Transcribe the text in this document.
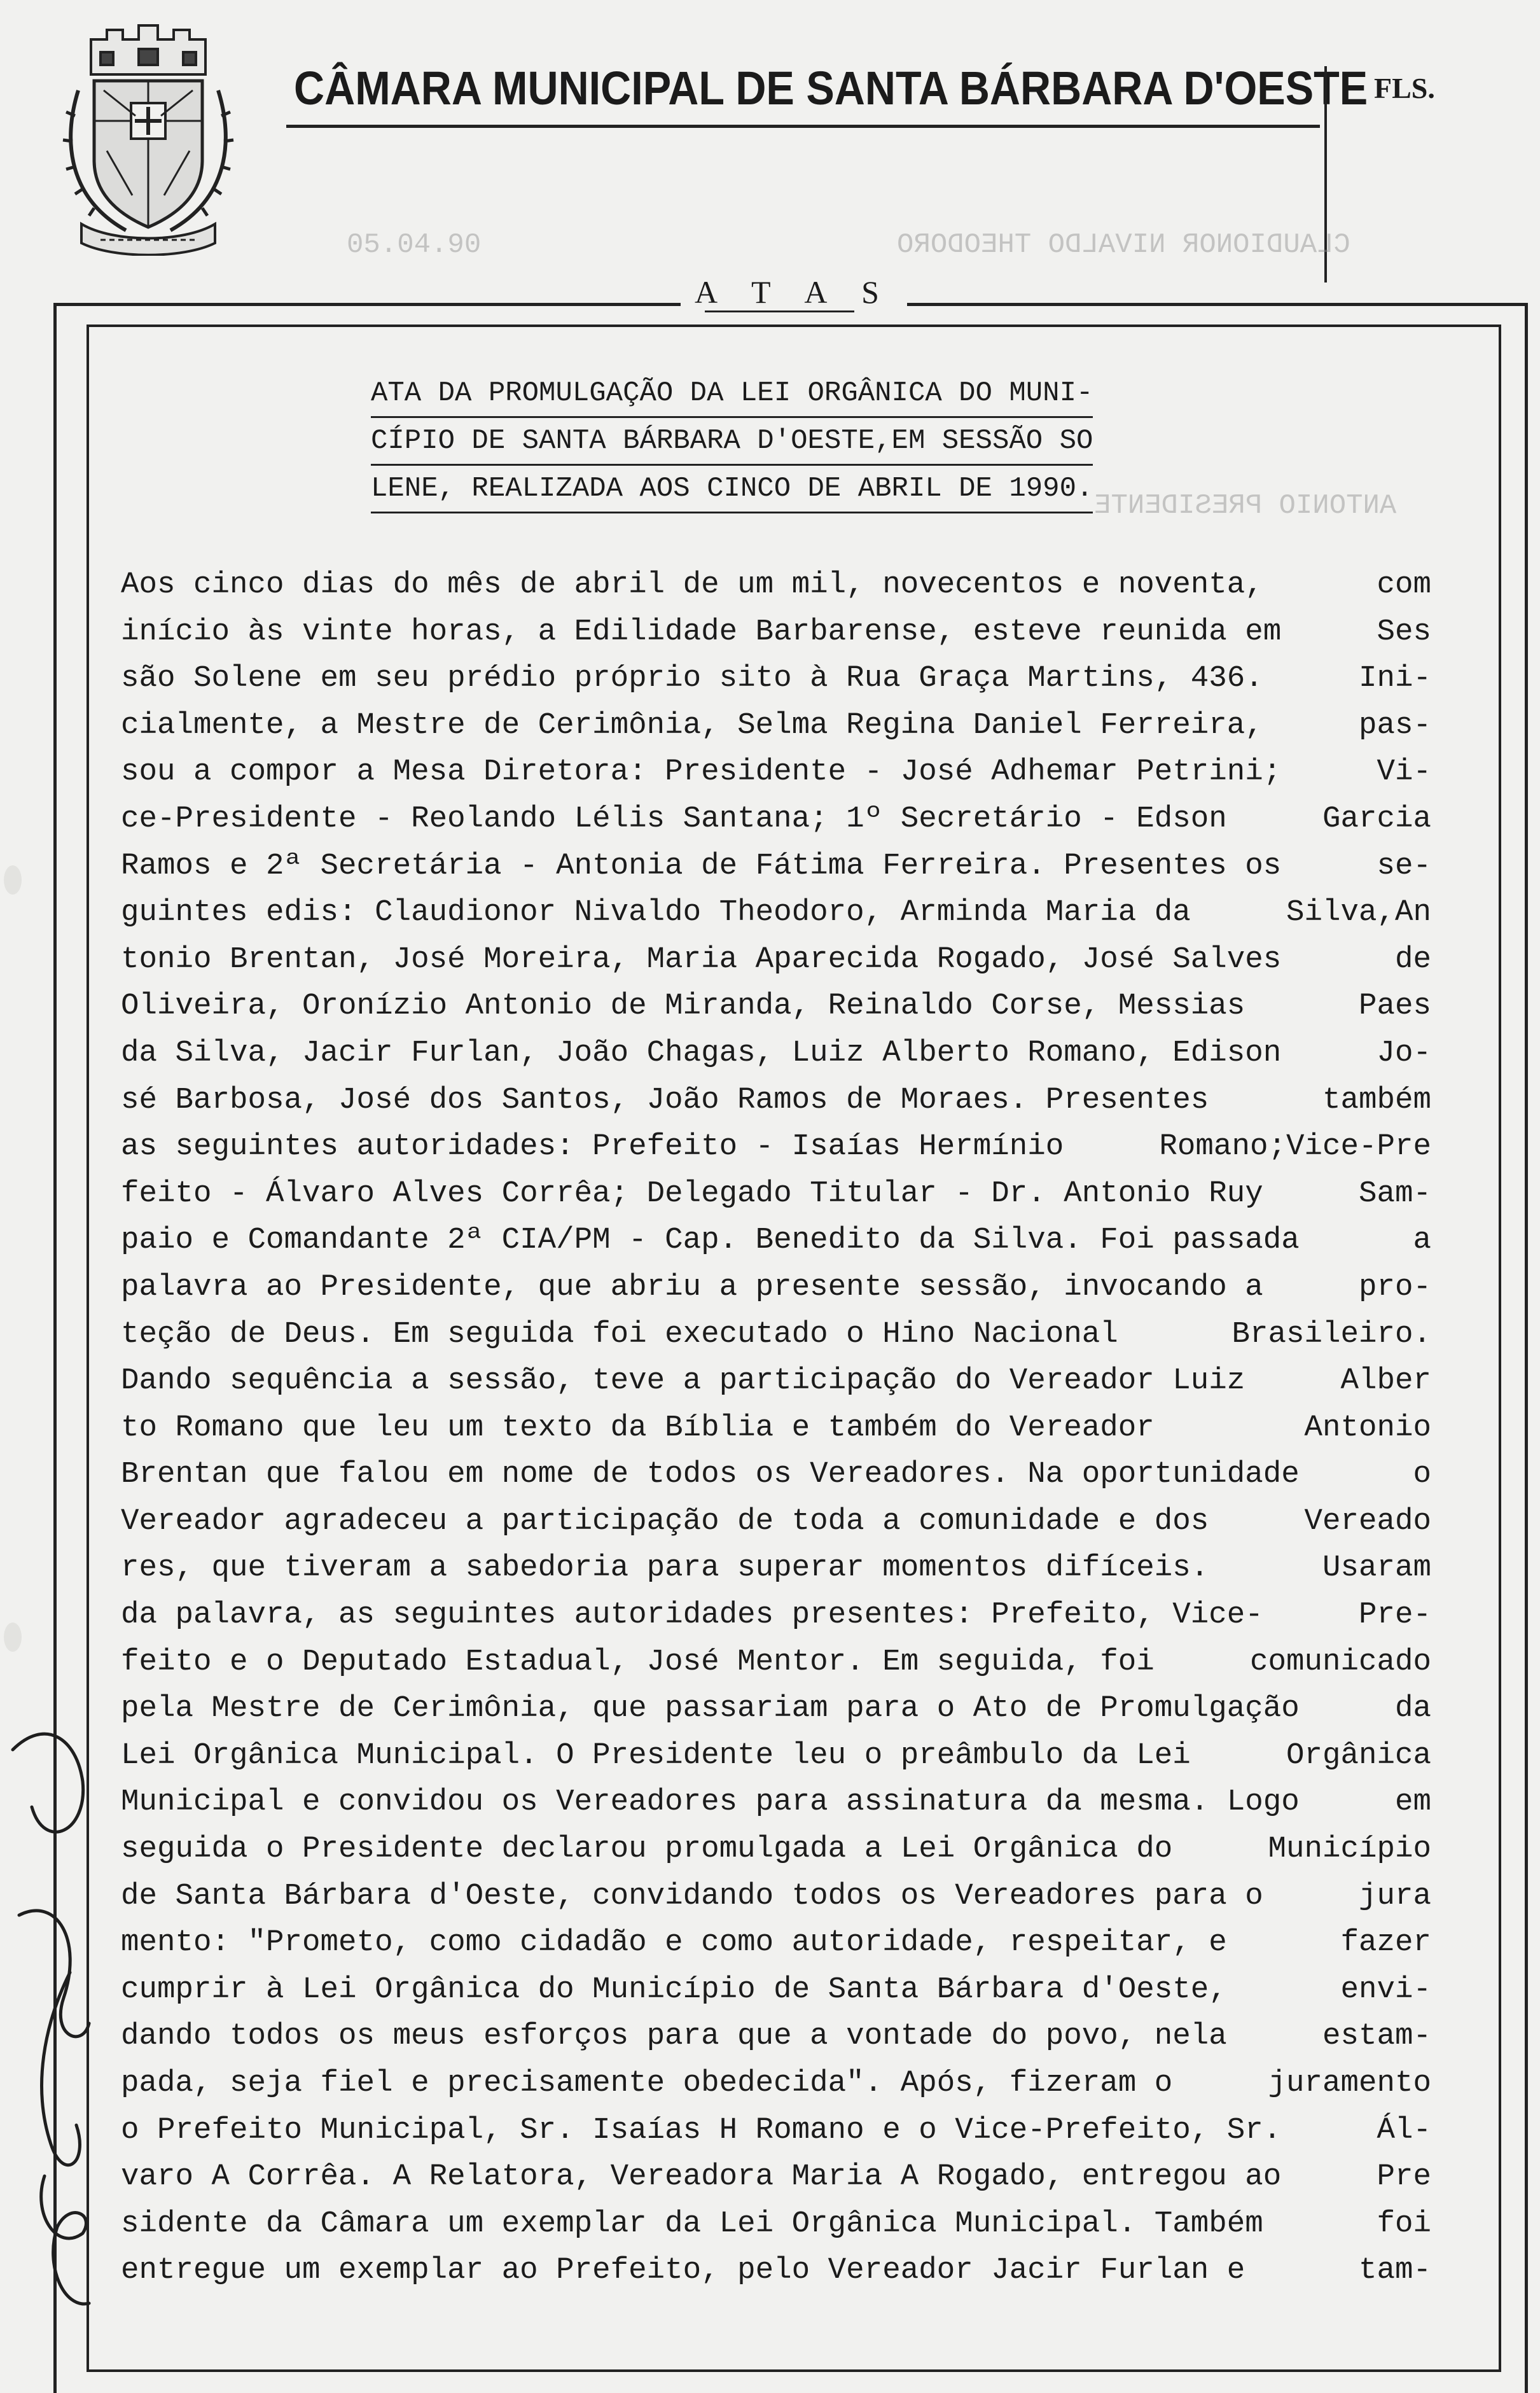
CÂMARA MUNICIPAL DE SANTA BÁRBARA D'OESTE FLS.
05.04.90	CLAUDIONOR NIVALDO THEODORO
ANTONIO PRESIDENTE
A T A S
ATA DA PROMULGAÇÃO DA LEI ORGÂNICA DO MUNI-
CÍPIO DE SANTA BÁRBARA D'OESTE,EM SESSÃO SO
LENE, REALIZADA AOS CINCO DE ABRIL DE 1990.
Aos cinco dias do mês de abril de um mil, novecentos e noventa,	com
início às vinte horas, a Edilidade Barbarense, esteve reunida em	Ses
são Solene em seu prédio próprio sito à Rua Graça Martins, 436.	Ini-
cialmente, a Mestre de Cerimônia, Selma Regina Daniel Ferreira,	pas-
sou a compor a Mesa Diretora: Presidente - José Adhemar Petrini;	Vi-
ce-Presidente - Reolando Lélis Santana; 1º Secretário - Edson	Garcia
Ramos e 2ª Secretária - Antonia de Fátima Ferreira. Presentes os	se-
guintes edis: Claudionor Nivaldo Theodoro, Arminda Maria da	Silva,An
tonio Brentan, José Moreira, Maria Aparecida Rogado, José Salves	de
Oliveira, Oronízio Antonio de Miranda, Reinaldo Corse, Messias	Paes
da Silva, Jacir Furlan, João Chagas, Luiz Alberto Romano, Edison	Jo-
sé Barbosa, José dos Santos, João Ramos de Moraes. Presentes	também
as seguintes autoridades: Prefeito - Isaías Hermínio	Romano;Vice-Pre
feito - Álvaro Alves Corrêa; Delegado Titular - Dr. Antonio Ruy	Sam-
paio e Comandante 2ª CIA/PM - Cap. Benedito da Silva. Foi passada	a
palavra ao Presidente, que abriu a presente sessão, invocando a	pro-
teção de Deus. Em seguida foi executado o Hino Nacional	Brasileiro.
Dando sequência a sessão, teve a participação do Vereador Luiz	Alber
to Romano que leu um texto da Bíblia e também do Vereador	Antonio
Brentan que falou em nome de todos os Vereadores. Na oportunidade	o
Vereador agradeceu a participação de toda a comunidade e dos	Vereado
res, que tiveram a sabedoria para superar momentos difíceis.	Usaram
da palavra, as seguintes autoridades presentes: Prefeito, Vice-	Pre-
feito e o Deputado Estadual, José Mentor. Em seguida, foi	comunicado
pela Mestre de Cerimônia, que passariam para o Ato de Promulgação	da
Lei Orgânica Municipal. O Presidente leu o preâmbulo da Lei	Orgânica
Municipal e convidou os Vereadores para assinatura da mesma. Logo	em
seguida o Presidente declarou promulgada a Lei Orgânica do	Município
de Santa Bárbara d'Oeste, convidando todos os Vereadores para o	jura
mento: "Prometo, como cidadão e como autoridade, respeitar, e	fazer
cumprir à Lei Orgânica do Município de Santa Bárbara d'Oeste,	envi-
dando todos os meus esforços para que a vontade do povo, nela	estam-
pada, seja fiel e precisamente obedecida". Após, fizeram o	juramento
o Prefeito Municipal, Sr. Isaías H Romano e o Vice-Prefeito, Sr.	Ál-
varo A Corrêa. A Relatora, Vereadora Maria A Rogado, entregou ao	Pre
sidente da Câmara um exemplar da Lei Orgânica Municipal. Também	foi
entregue um exemplar ao Prefeito, pelo Vereador Jacir Furlan e	tam-
